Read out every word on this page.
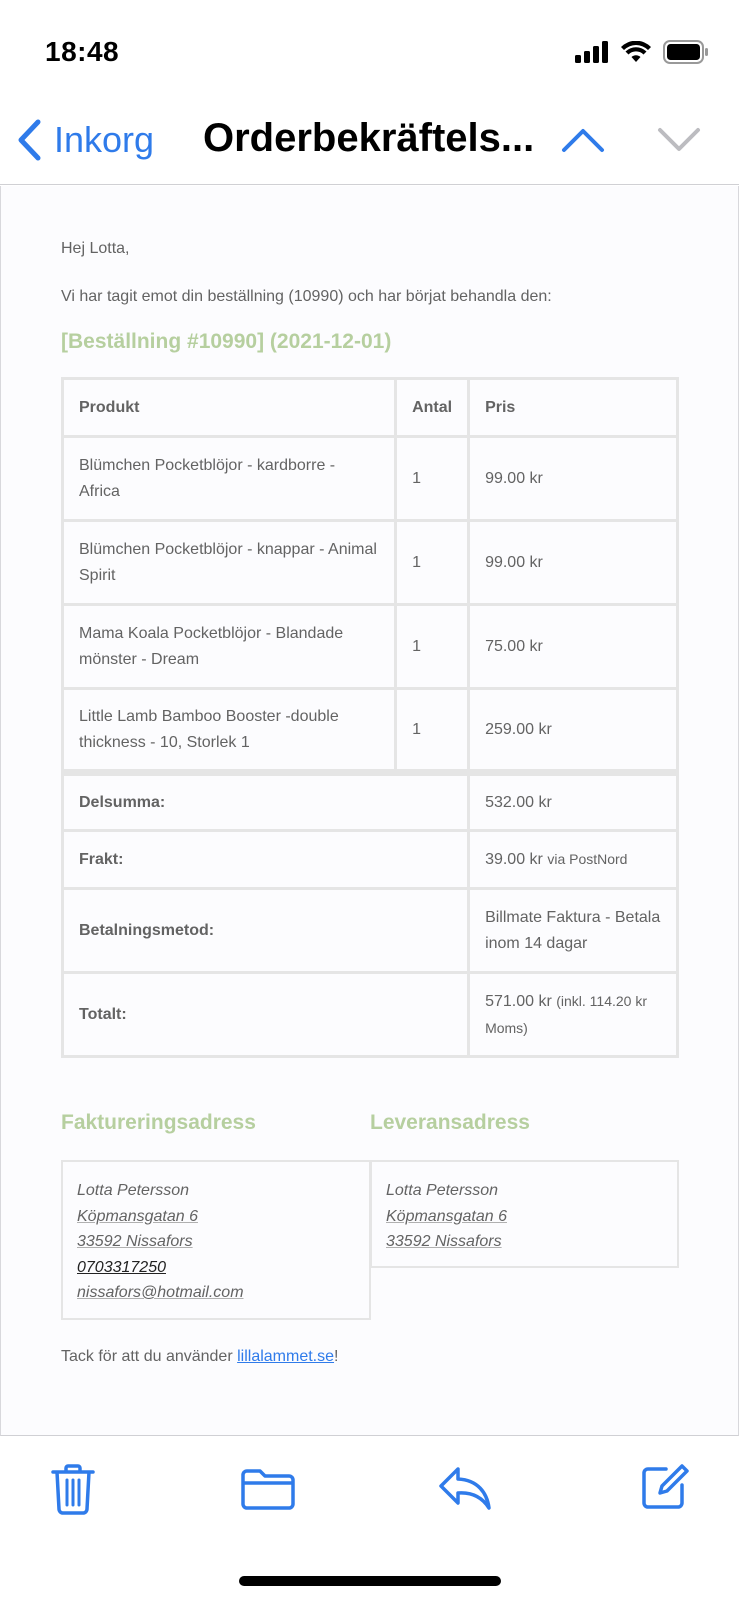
18:48
Inkorg Orderbekräftels...
Hej Lotta,
Vi har tagit emot din beställning (10990) och har börjat behandla den:
[Beställning #10990] (2021-12-01)
Produkt	Antal	Pris
Blümchen Pocketblöjor - kardborre - Africa	1	99.00 kr
Blümchen Pocketblöjor - knappar - Animal Spirit	1	99.00 kr
Mama Koala Pocketblöjor - Blandade mönster - Dream	1	75.00 kr
Little Lamb Bamboo Booster -double thickness - 10, Storlek 1	1	259.00 kr
Delsumma:		532.00 kr
Frakt:		39.00 kr via PostNord
Betalningsmetod:		Billmate Faktura - Betala inom 14 dagar
Totalt:		571.00 kr (inkl. 114.20 kr Moms)
Faktureringsadress	Leveransadress
Lotta Petersson
Köpmansgatan 6
33592 Nissafors
0703317250
nissafors@hotmail.com
Lotta Petersson
Köpmansgatan 6
33592 Nissafors
Tack för att du använder lillalammet.se!
